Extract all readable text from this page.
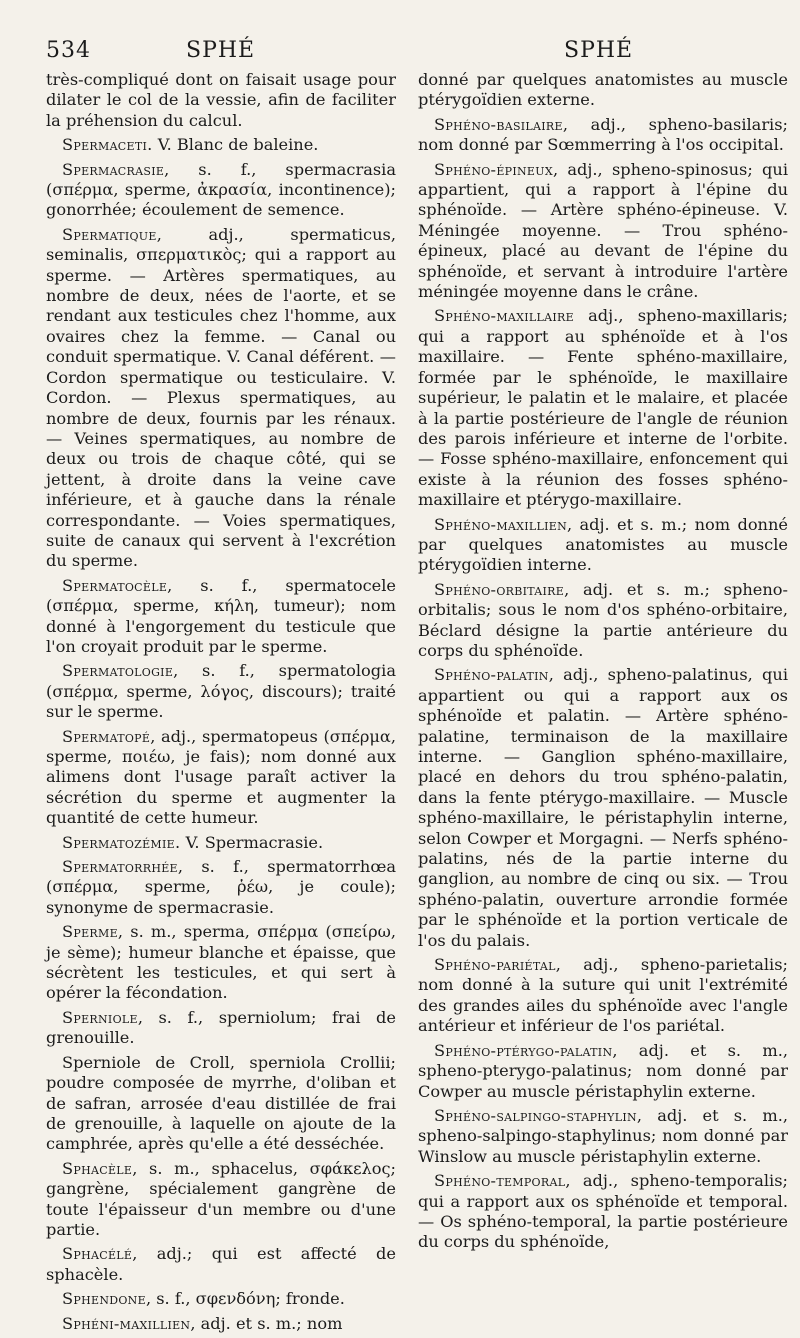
534	SPHÉ	SPHÉ

très-compliqué dont on faisait usage pour dilater le col de la vessie, afin de faciliter la préhension du calcul.

Spermaceti. V. Blanc de baleine.

Spermacrasie, s. f., spermacrasia (σπέρμα, sperme, ἀκρασία, incontinence); gonorrhée; écoulement de semence.

Spermatique, adj., spermaticus, seminalis, σπερματικὸς; qui a rapport au sperme. — Artères spermatiques, au nombre de deux, nées de l'aorte, et se rendant aux testicules chez l'homme, aux ovaires chez la femme. — Canal ou conduit spermatique. V. Canal déférent. — Cordon spermatique ou testiculaire. V. Cordon. — Plexus spermatiques, au nombre de deux, fournis par les rénaux. — Veines spermatiques, au nombre de deux ou trois de chaque côté, qui se jettent, à droite dans la veine cave inférieure, et à gauche dans la rénale correspondante. — Voies spermatiques, suite de canaux qui servent à l'excrétion du sperme.

Spermatocèle, s. f., spermatocele (σπέρμα, sperme, κήλη, tumeur); nom donné à l'engorgement du testicule que l'on croyait produit par le sperme.

Spermatologie, s. f., spermatologia (σπέρμα, sperme, λόγος, discours); traité sur le sperme.

Spermatopé, adj., spermatopeus (σπέρμα, sperme, ποιέω, je fais); nom donné aux alimens dont l'usage paraît activer la sécrétion du sperme et augmenter la quantité de cette humeur.

Spermatozémie. V. Spermacrasie.

Spermatorrhée, s. f., spermatorrhœa (σπέρμα, sperme, ῥέω, je coule); synonyme de spermacrasie.

Sperme, s. m., sperma, σπέρμα (σπείρω, je sème); humeur blanche et épaisse, que sécrètent les testicules, et qui sert à opérer la fécondation.

Sperniole, s. f., sperniolum; frai de grenouille.

Sperniole de Croll, sperniola Crollii; poudre composée de myrrhe, d'oliban et de safran, arrosée d'eau distillée de frai de grenouille, à laquelle on ajoute de la camphrée, après qu'elle a été desséchée.

Sphacèle, s. m., sphacelus, σφάκελος; gangrène, spécialement gangrène de toute l'épaisseur d'un membre ou d'une partie.

Sphacélé, adj.; qui est affecté de sphacèle.

Sphendone, s. f., σφενδόνη; fronde.

Sphéni-maxillien, adj. et s. m.; nom

donné par quelques anatomistes au muscle ptérygoïdien externe.

Sphéno-basilaire, adj., spheno-basilaris; nom donné par Sœmmerring à l'os occipital.

Sphéno-épineux, adj., spheno-spinosus; qui appartient, qui a rapport à l'épine du sphénoïde. — Artère sphéno-épineuse. V. Méningée moyenne. — Trou sphéno-épineux, placé au devant de l'épine du sphénoïde, et servant à introduire l'artère méningée moyenne dans le crâne.

Sphéno-maxillaire adj., spheno-maxillaris; qui a rapport au sphénoïde et à l'os maxillaire. — Fente sphéno-maxillaire, formée par le sphénoïde, le maxillaire supérieur, le palatin et le malaire, et placée à la partie postérieure de l'angle de réunion des parois inférieure et interne de l'orbite. — Fosse sphéno-maxillaire, enfoncement qui existe à la réunion des fosses sphéno-maxillaire et ptérygo-maxillaire.

Sphéno-maxillien, adj. et s. m.; nom donné par quelques anatomistes au muscle ptérygoïdien interne.

Sphéno-orbitaire, adj. et s. m.; spheno-orbitalis; sous le nom d'os sphéno-orbitaire, Béclard désigne la partie antérieure du corps du sphénoïde.

Sphéno-palatin, adj., spheno-palatinus, qui appartient ou qui a rapport aux os sphénoïde et palatin. — Artère sphéno-palatine, terminaison de la maxillaire interne. — Ganglion sphéno-maxillaire, placé en dehors du trou sphéno-palatin, dans la fente ptérygo-maxillaire. — Muscle sphéno-maxillaire, le péristaphylin interne, selon Cowper et Morgagni. — Nerfs sphéno-palatins, nés de la partie interne du ganglion, au nombre de cinq ou six. — Trou sphéno-palatin, ouverture arrondie formée par le sphénoïde et la portion verticale de l'os du palais.

Sphéno-pariétal, adj., spheno-parietalis; nom donné à la suture qui unit l'extrémité des grandes ailes du sphénoïde avec l'angle antérieur et inférieur de l'os pariétal.

Sphéno-ptérygo-palatin, adj. et s. m., spheno-pterygo-palatinus; nom donné par Cowper au muscle péristaphylin externe.

Sphéno-salpingo-staphylin, adj. et s. m., spheno-salpingo-staphylinus; nom donné par Winslow au muscle péristaphylin externe.

Sphéno-temporal, adj., spheno-temporalis; qui a rapport aux os sphénoïde et temporal. — Os sphéno-temporal, la partie postérieure du corps du sphénoïde,
